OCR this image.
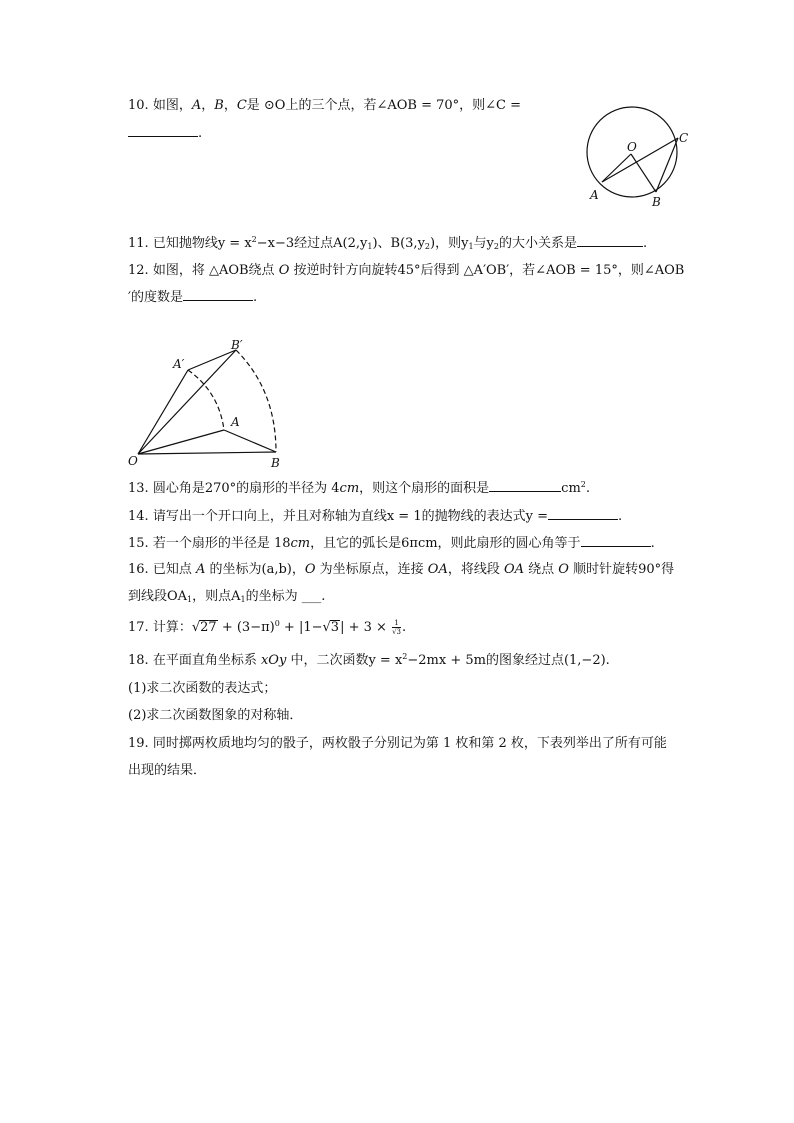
10. 如图，A，B，C是 ⊙O上的三个点，若∠AOB = 70°，则∠C =
.
O
C
A	B
11. 已知抛物线$y = x^2-x-3$经过点$A(2,y_1)$、$B(3,y_2)$，则$y_1$与$y_2$的大小关系是	.
12. 如图，将 △AOB绕点 O 按逆时针方向旋转45°后得到 △A′OB′，若∠AOB = 15°，则∠AOB
′的度数是	.
A′
B′
A
O	B
13. 圆心角是270°的扇形的半径为 4cm，则这个扇形的面积是	$cm^2$.
14. 请写出一个开口向上，并且对称轴为直线x = 1的抛物线的表达式y =	.
15. 若一个扇形的半径是 18cm，且它的弧长是6πcm，则此扇形的圆心角等于	.
16. 已知点 A 的坐标为(a,b)，O 为坐标原点，连接 OA，将线段 OA 绕点 O 顺时针旋转90°得
到线段$OA_1$，则点$A_1$的坐标为 ___.
17. 计算：$√27 + (3-\pi)^0 + |1-√3| + 3 \times \frac{1}{√3}$ .
18. 在平面直角坐标系 xOy 中，二次函数$y = x^2-2mx + 5m$的图象经过点(1,−2).
(1)求二次函数的表达式；
(2)求二次函数图象的对称轴．
19. 同时掷两枚质地均匀的骰子，两枚骰子分别记为第 1 枚和第 2 枚，下表列举出了所有可能
出现的结果．
